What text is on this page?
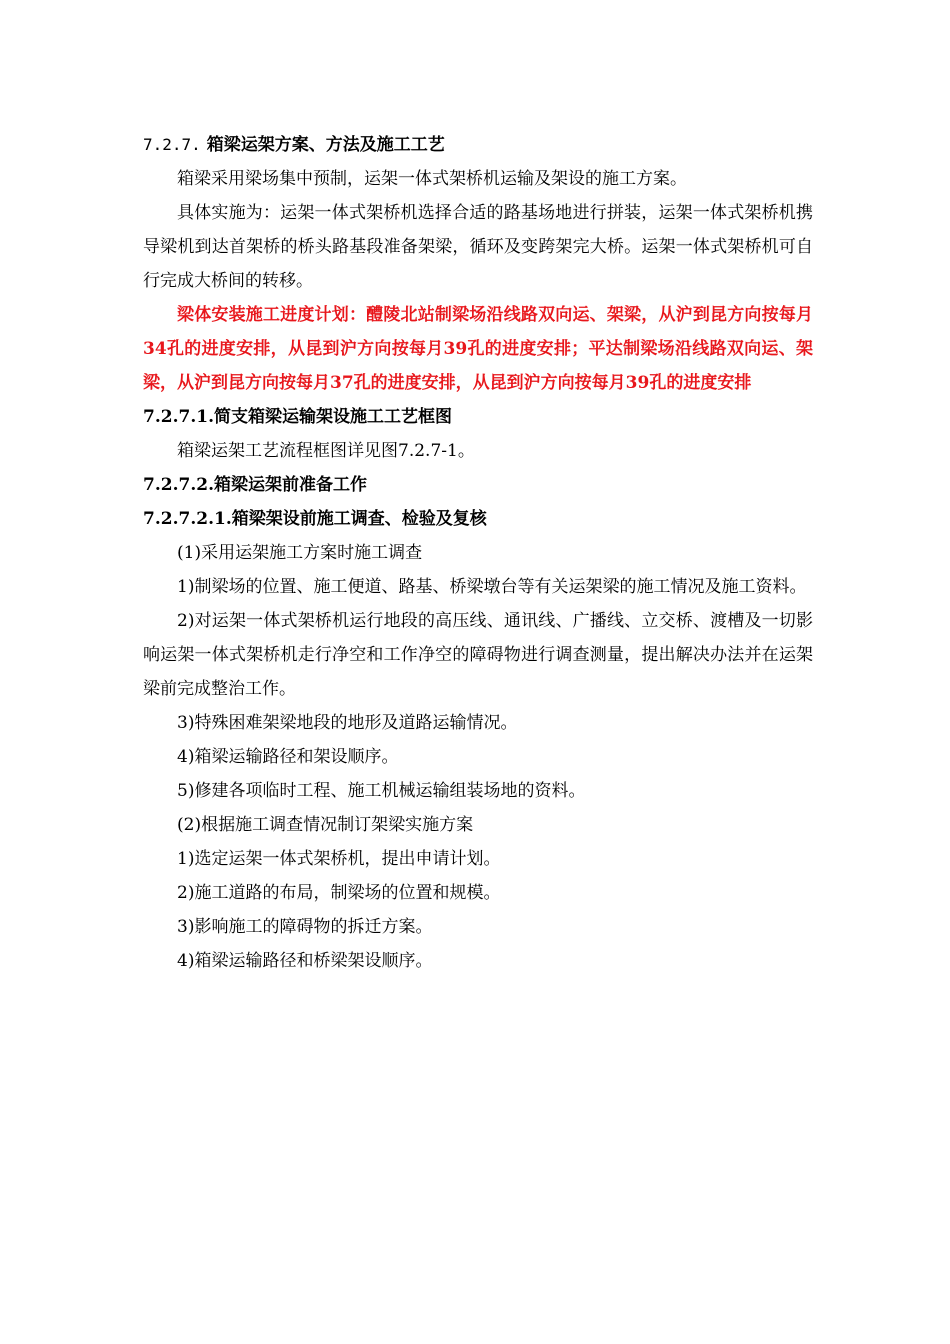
7.2.7. 箱梁运架方案、方法及施工工艺
箱梁采用梁场集中预制，运架一体式架桥机运输及架设的施工方案。
具体实施为：运架一体式架桥机选择合适的路基场地进行拼装，运架一体式架桥机携导梁机到达首架桥的桥头路基段准备架梁，循环及变跨架完大桥。运架一体式架桥机可自行完成大桥间的转移。
梁体安装施工进度计划：醴陵北站制梁场沿线路双向运、架梁，从沪到昆方向按每月34孔的进度安排，从昆到沪方向按每月39孔的进度安排；平达制梁场沿线路双向运、架梁，从沪到昆方向按每月37孔的进度安排，从昆到沪方向按每月39孔的进度安排
7.2.7.1.简支箱梁运输架设施工工艺框图
箱梁运架工艺流程框图详见图7.2.7-1。
7.2.7.2.箱梁运架前准备工作
7.2.7.2.1.箱梁架设前施工调查、检验及复核
(1)采用运架施工方案时施工调查
1)制梁场的位置、施工便道、路基、桥梁墩台等有关运架梁的施工情况及施工资料。
2)对运架一体式架桥机运行地段的高压线、通讯线、广播线、立交桥、渡槽及一切影响运架一体式架桥机走行净空和工作净空的障碍物进行调查测量，提出解决办法并在运架梁前完成整治工作。
3)特殊困难架梁地段的地形及道路运输情况。
4)箱梁运输路径和架设顺序。
5)修建各项临时工程、施工机械运输组装场地的资料。
(2)根据施工调查情况制订架梁实施方案
1)选定运架一体式架桥机，提出申请计划。
2)施工道路的布局，制梁场的位置和规模。
3)影响施工的障碍物的拆迁方案。
4)箱梁运输路径和桥梁架设顺序。
